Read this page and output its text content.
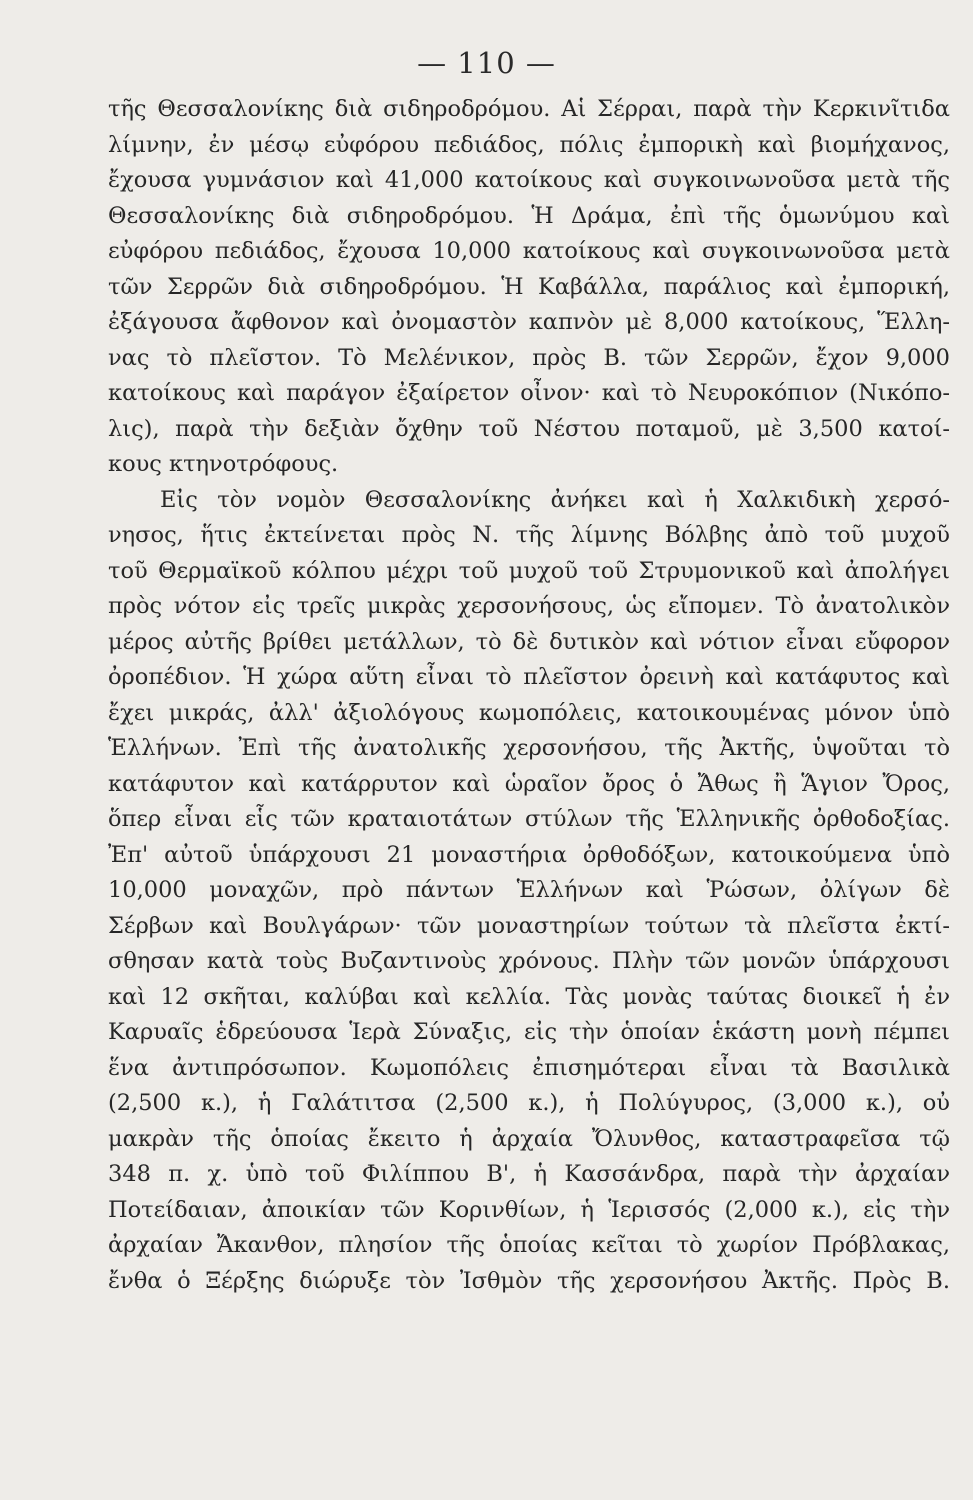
— 110 —
τῆς Θεσσαλονίκης διὰ σιδηροδρόμου. Αἱ Σέρραι, παρὰ τὴν Κερκινῖτιδα
λίμνην, ἐν μέσῳ εὐφόρου πεδιάδος, πόλις ἐμπορικὴ καὶ βιομήχανος,
ἔχουσα γυμνάσιον καὶ 41,000 κατοίκους καὶ συγκοινωνοῦσα μετὰ τῆς
Θεσσαλονίκης διὰ σιδηροδρόμου. Ἡ Δράμα, ἐπὶ τῆς ὁμωνύμου καὶ
εὐφόρου πεδιάδος, ἔχουσα 10,000 κατοίκους καὶ συγκοινωνοῦσα μετὰ
τῶν Σερρῶν διὰ σιδηροδρόμου. Ἡ Καβάλλα, παράλιος καὶ ἐμπορική,
ἐξάγουσα ἄφθονον καὶ ὀνομαστὸν καπνὸν μὲ 8,000 κατοίκους, Ἕλλη-
νας τὸ πλεῖστον. Τὸ Μελένικον, πρὸς Β. τῶν Σερρῶν, ἔχον 9,000
κατοίκους καὶ παράγον ἐξαίρετον οἶνον· καὶ τὸ Νευροκόπιον (Νικόπο-
λις), παρὰ τὴν δεξιὰν ὄχθην τοῦ Νέστου ποταμοῦ, μὲ 3,500 κατοί-
κους κτηνοτρόφους.
Εἰς τὸν νομὸν Θεσσαλονίκης ἀνήκει καὶ ἡ Χαλκιδικὴ χερσό-
νησος, ἥτις ἐκτείνεται πρὸς Ν. τῆς λίμνης Βόλβης ἀπὸ τοῦ μυχοῦ
τοῦ Θερμαϊκοῦ κόλπου μέχρι τοῦ μυχοῦ τοῦ Στρυμονικοῦ καὶ ἀπολήγει
πρὸς νότον εἰς τρεῖς μικρὰς χερσονήσους, ὡς εἴπομεν. Τὸ ἀνατολικὸν
μέρος αὐτῆς βρίθει μετάλλων, τὸ δὲ δυτικὸν καὶ νότιον εἶναι εὔφορον
ὀροπέδιον. Ἡ χώρα αὕτη εἶναι τὸ πλεῖστον ὀρεινὴ καὶ κατάφυτος καὶ
ἔχει μικράς, ἀλλ' ἀξιολόγους κωμοπόλεις, κατοικουμένας μόνον ὑπὸ
Ἑλλήνων. Ἐπὶ τῆς ἀνατολικῆς χερσονήσου, τῆς Ἀκτῆς, ὑψοῦται τὸ
κατάφυτον καὶ κατάρρυτον καὶ ὡραῖον ὄρος ὁ Ἄθως ἢ Ἅγιον Ὄρος,
ὅπερ εἶναι εἷς τῶν κραταιοτάτων στύλων τῆς Ἑλληνικῆς ὀρθοδοξίας.
Ἐπ' αὐτοῦ ὑπάρχουσι 21 μοναστήρια ὀρθοδόξων, κατοικούμενα ὑπὸ
10,000 μοναχῶν, πρὸ πάντων Ἑλλήνων καὶ Ῥώσων, ὀλίγων δὲ
Σέρβων καὶ Βουλγάρων· τῶν μοναστηρίων τούτων τὰ πλεῖστα ἐκτί-
σθησαν κατὰ τοὺς Βυζαντινοὺς χρόνους. Πλὴν τῶν μονῶν ὑπάρχουσι
καὶ 12 σκῆται, καλύβαι καὶ κελλία. Τὰς μονὰς ταύτας διοικεῖ ἡ ἐν
Καρυαῖς ἑδρεύουσα Ἱερὰ Σύναξις, εἰς τὴν ὁποίαν ἑκάστη μονὴ πέμπει
ἕνα ἀντιπρόσωπον. Κωμοπόλεις ἐπισημότεραι εἶναι τὰ Βασιλικὰ
(2,500 κ.), ἡ Γαλάτιτσα (2,500 κ.), ἡ Πολύγυρος, (3,000 κ.), οὐ
μακρὰν τῆς ὁποίας ἔκειτο ἡ ἀρχαία Ὄλυνθος, καταστραφεῖσα τῷ
348 π. χ. ὑπὸ τοῦ Φιλίππου Β', ἡ Κασσάνδρα, παρὰ τὴν ἀρχαίαν
Ποτείδαιαν, ἀποικίαν τῶν Κορινθίων, ἡ Ἱερισσός (2,000 κ.), εἰς τὴν
ἀρχαίαν Ἄκανθον, πλησίον τῆς ὁποίας κεῖται τὸ χωρίον Πρόβλακας,
ἔνθα ὁ Ξέρξης διώρυξε τὸν Ἰσθμὸν τῆς χερσονήσου Ἀκτῆς. Πρὸς Β.
